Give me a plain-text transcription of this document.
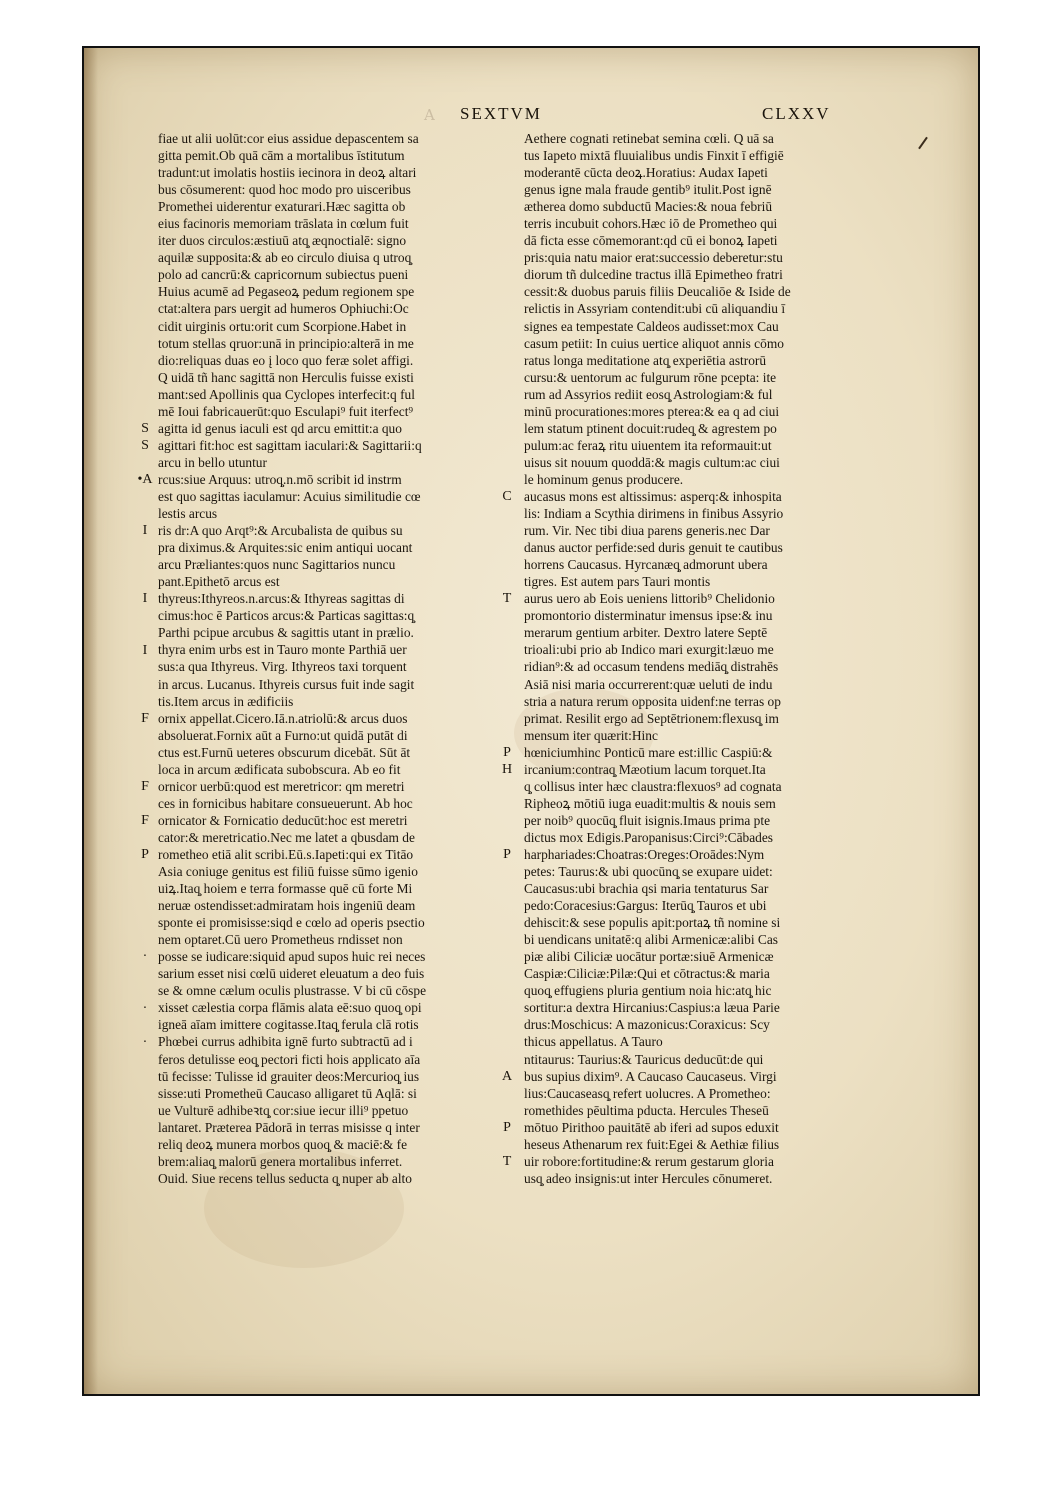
A SEXTVM	CLXXV
S
S
•A
I
I
I
F
F
F
P
·
·
·
fiae ut alii uolūt:cor eius assidue depascentem sa
gitta pemit.Ob quā cām a mortalibus īstitutum
tradunt:ut imolatis hostiis iecinora in deoꝝ altari
bus cōsumerent: quod hoc modo pro uisceribus
Promethei uiderentur exaturari.Hæc sagitta ob
eius facinoris memoriam trāslata in cœlum fuit
iter duos circulos:æstiuū atq̧ æqnoctialē: signo
aquilæ supposita:& ab eo circulo diuisa q utroq̧
polo ad cancrū:& capricornum subiectus pueni
Huius acumē ad Pegaseoꝝ pedum regionem spe
ctat:altera pars uergit ad humeros Ophiuchi:Oc
cidit uirginis ortu:orit cum Scorpione.Habet in
totum stellas qruor:unā in principio:alterā in me
dio:reliquas duas eo į loco quo feræ solet affigi.
Q uidā tñ hanc sagittā non Herculis fuisse existi
mant:sed Apollinis qua Cyclopes interfecit:q ful
mē Ioui fabricauerūt:quo Esculapi⁹ fuit iterfect⁹
agitta id genus iaculi est qd arcu emittit:a quo
agittari fit:hoc est sagittam iaculari:& Sagittarii:q
arcu in bello utuntur
rcus:siue Arquus: utroq̧.n.mō scribit id instrm
est quo sagittas iaculamur: Acuius similitudie cœ
lestis arcus
ris dr:A quo Arqt⁹:& Arcubalista de quibus su
pra diximus.& Arquites:sic enim antiqui uocant
arcu Præliantes:quos nunc Sagittarios nuncu
pant.Epithetō arcus est
thyreus:Ithyreos.n.arcus:& Ithyreas sagittas di
cimus:hoc ē Particos arcus:& Particas sagittas:q̧
Parthi pcipue arcubus & sagittis utant in prælio.
thyra enim urbs est in Tauro monte Parthiā uer
sus:a qua Ithyreus. Virg. Ithyreos taxi torquent
in arcus. Lucanus. Ithyreis cursus fuit inde sagit
tis.Item arcus in ædificiis
ornix appellat.Cicero.Iā.n.atriolū:& arcus duos
absoluerat.Fornix aūt a Furno:ut quidā putāt di
ctus est.Furnū ueteres obscurum dicebāt. Sūt āt
loca in arcum ædificata subobscura. Ab eo fit
ornicor uerbū:quod est meretricor: qm meretri
ces in fornicibus habitare consueuerunt. Ab hoc
ornicator & Fornicatio deducūt:hoc est meretri
cator:& meretricatio.Nec me latet a qbusdam de
rometheo etiā alit scribi.Eū.s.Iapeti:qui ex Titāo
Asia coniuge genitus est filiū fuisse sūmo igenio
uiꝝ.Itaq̧ hoiem e terra formasse quē cū forte Mi
neruæ ostendisset:admiratam hois ingeniū deam
sponte ei promisisse:siqd e cœlo ad operis psectio
nem optaret.Cū uero Prometheus rndisset non
posse se iudicare:siquid apud supos huic rei neces
sarium esset nisi cœlū uideret eleuatum a deo fuis
se & omne cælum oculis plustrasse. V bi cū cōspe
xisset cælestia corpa flāmis alata eē:suo quoq̧ opi
igneā aīam imittere cogitasse.Itaq̧ ferula clā rotis
Phœbei currus adhibita ignē furto subtractū ad i
feros detulisse eoq̧ pectori ficti hois applicato aīa
tū fecisse: Tulisse id grauiter deos:Mercurioq̧ ius
sisse:uti Prometheū Caucaso alligaret tū Aqlā: si
ue Vulturē adhibeꝛtq̧ cor:siue iecur illi⁹ ppetuo
lantaret. Præterea Pādorā in terras misisse q inter
reliq deoꝝ munera morbos quoq̧ & maciē:& fe
brem:aliaq̧ malorū genera mortalibus inferret.
Ouid. Siue recens tellus seducta q̧ nuper ab alto
C
T
P
H
P
A
P
T
Aethere cognati retinebat semina cœli. Q uā sa
tus Iapeto mixtā fluuialibus undis Finxit ī effigiē
moderantē cūcta deoꝝ.Horatius: Audax Iapeti
genus igne mala fraude gentib⁹ itulit.Post ignē
ætherea domo subductū Macies:& noua febriū
terris incubuit cohors.Hæc iō de Prometheo qui
dā ficta esse cōmemorant:qd cū ei bonoꝝ Iapeti
pris:quia natu maior erat:successio deberetur:stu
diorum tñ dulcedine tractus illā Epimetheo fratri
cessit:& duobus paruis filiis Deucaliōe & Iside de
relictis in Assyriam contendit:ubi cū aliquandiu ī
signes ea tempestate Caldeos audisset:mox Cau
casum petiit: In cuius uertice aliquot annis cōmo
ratus longa meditatione atq̧ experiētia astrorū
cursu:& uentorum ac fulgurum rōne pcepta: ite
rum ad Assyrios rediit eosq̧ Astrologiam:& ful
minū procurationes:mores ptereа:& ea q ad ciui
lem statum ptinent docuit:rudeq̧ & agrestem po
pulum:ac feraꝝ ritu uiuentem ita reformauit:ut
uisus sit nouum quoddā:& magis cultum:ac ciui
le hominum genus producere.
aucasus mons est altissimus: asperq:& inhospita
lis: Indiam a Scythia dirimens in finibus Assyrio
rum. Vir. Nec tibi diua parens generis.nec Dar
danus auctor perfide:sed duris genuit te cautibus
horrens Caucasus. Hyrcanæq̧ admorunt ubera
tigres. Est autem pars Tauri montis
aurus uero ab Eois ueniens littorib⁹ Chelidonio
promontorio disterminatur imensus ipse:& inu
merarum gentium arbiter. Dextro latere Septē
trioali:ubi prio ab Indico mari exurgit:læuo me
ridian⁹:& ad occasum tendens mediāq̧ distrahēs
Asiā nisi maria occurrerent:quæ ueluti de indu
stria a natura rerum opposita uidenf:ne terras op
primat. Resilit ergo ad Septētrionem:flexusq̧ im
mensum iter quærit:Hinc
hœniciumhinc Ponticū mare est:illic Caspiū:&
ircanium:contraq̧ Mæotium lacum torquet.Ita
q̧ collisus inter hæc claustra:flexuos⁹ ad cognata
Ripheoꝝ mōtiū iuga euadit:multis & nouis sem
per noib⁹ quocūq̧ fluit isignis.Imaus prima pte
dictus mox Edigis.Paropanisus:Circi⁹:Cābades
harphariades:Choatras:Oreges:Oroādes:Nym
petes: Taurus:& ubi quocūnq̧ se exupare uidet:
Caucasus:ubi brachia qsi maria tentaturus Sar
pedo:Coracesius:Gargus: Iterūq̧ Tauros et ubi
dehiscit:& sese populis apit:portaꝝ tñ nomine si
bi uendicans unitatē:q alibi Armenicæ:alibi Cas
piæ alibi Ciliciæ uocātur portæ:siuē Armenicæ
Caspiæ:Ciliciæ:Pilæ:Qui et cōtractus:& maria
quoq̧ effugiens pluria gentium noia hic:atq̧ hic
sortitur:a dextra Hircanius:Caspius:a læua Parie
drus:Moschicus: A mazonicus:Coraxicus: Scy
thicus appellatus. A Tauro
ntitaurus: Taurius:& Tauricus deducūt:de qui
bus supius dixim⁹. A Caucaso Caucaseus. Virgi
lius:Caucaseasq̧ refert uolucres. A Prometheo:
romethides pēultima pducta. Hercules Theseū
mōtuo Pirithoo pauitātē ab iferi ad supos eduxit
heseus Athenarum rex fuit:Egei & Aethiæ filius
uir robore:fortitudine:& rerum gestarum gloria
usq̧ adeo insignis:ut inter Hercules cōnumeret.
